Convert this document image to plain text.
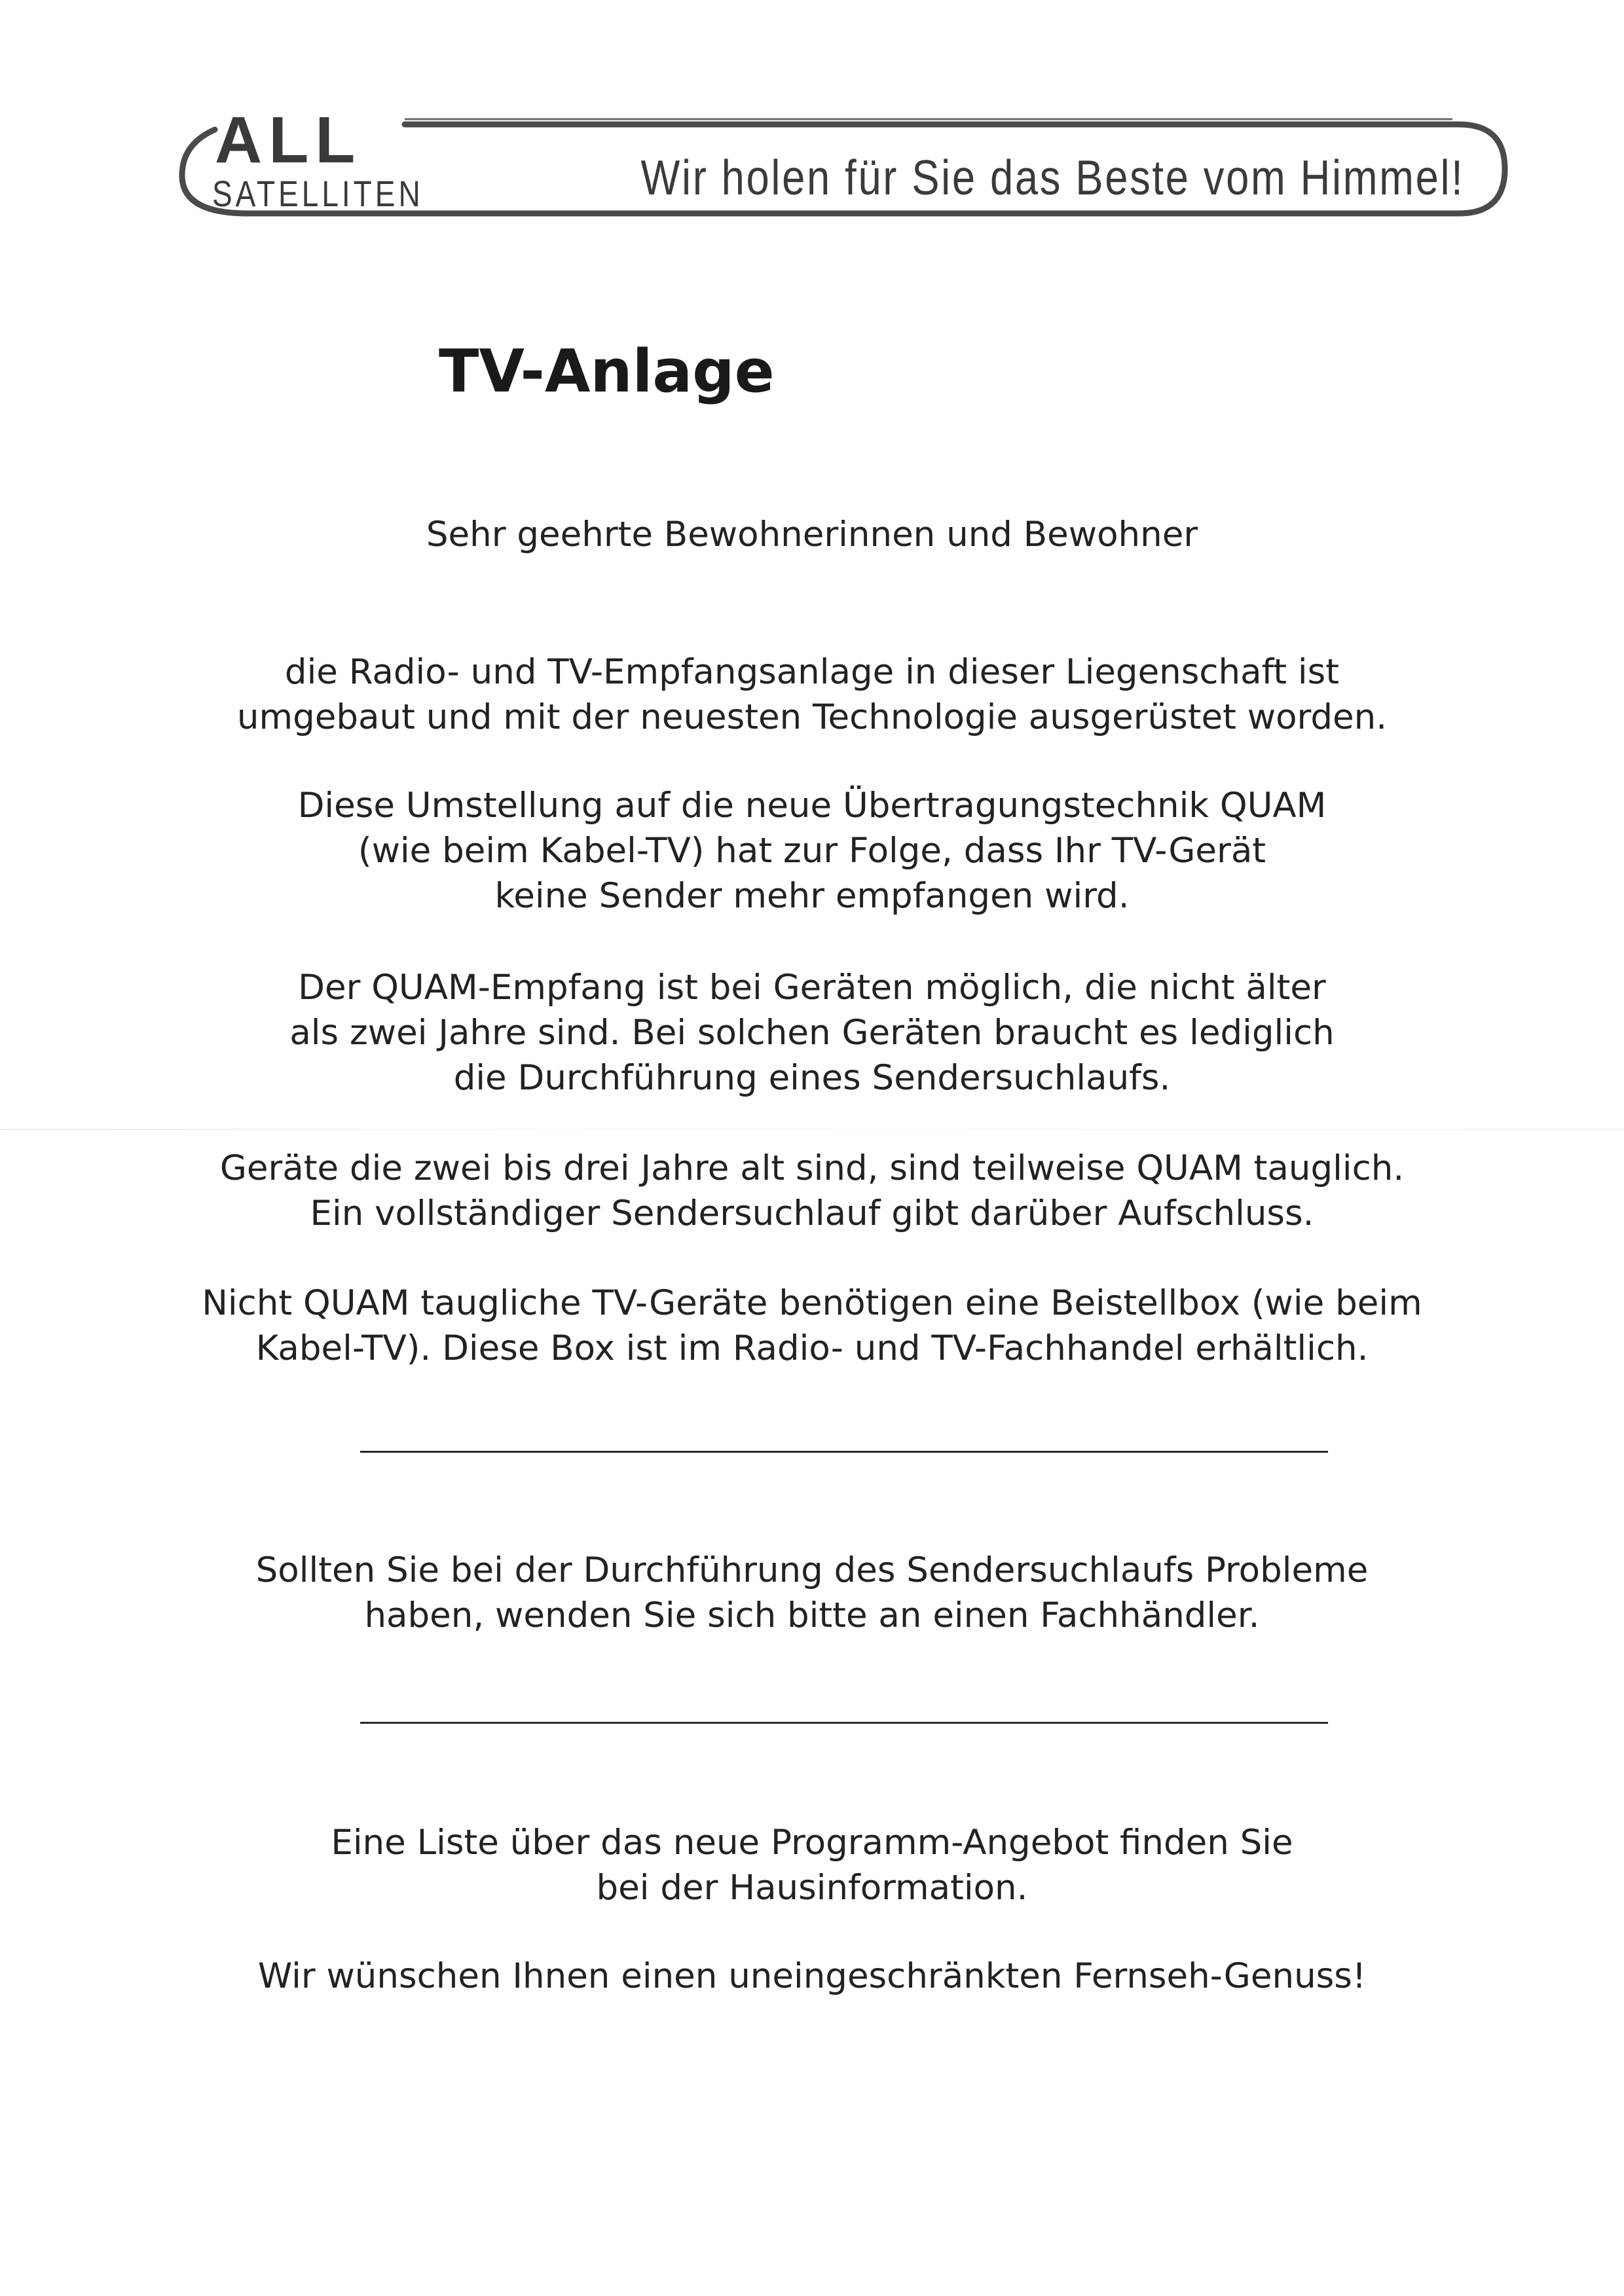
ALL
SATELLITEN	Wir holen für Sie das Beste vom Himmel!
TV-Anlage

Sehr geehrte Bewohnerinnen und Bewohner

die Radio- und TV-Empfangsanlage in dieser Liegenschaft ist

umgebaut und mit der neuesten Technologie ausgerüstet worden.

Diese Umstellung auf die neue Übertragungstechnik QUAM

(wie beim Kabel-TV) hat zur Folge, dass Ihr TV-Gerät

keine Sender mehr empfangen wird.

Der QUAM-Empfang ist bei Geräten möglich, die nicht älter

als zwei Jahre sind. Bei solchen Geräten braucht es lediglich

die Durchführung eines Sendersuchlaufs.

Geräte die zwei bis drei Jahre alt sind, sind teilweise QUAM tauglich.

Ein vollständiger Sendersuchlauf gibt darüber Aufschluss.

Nicht QUAM taugliche TV-Geräte benötigen eine Beistellbox (wie beim

Kabel-TV). Diese Box ist im Radio- und TV-Fachhandel erhältlich.

Sollten Sie bei der Durchführung des Sendersuchlaufs Probleme

haben, wenden Sie sich bitte an einen Fachhändler.

Eine Liste über das neue Programm-Angebot finden Sie

bei der Hausinformation.

Wir wünschen Ihnen einen uneingeschränkten Fernseh-Genuss!
